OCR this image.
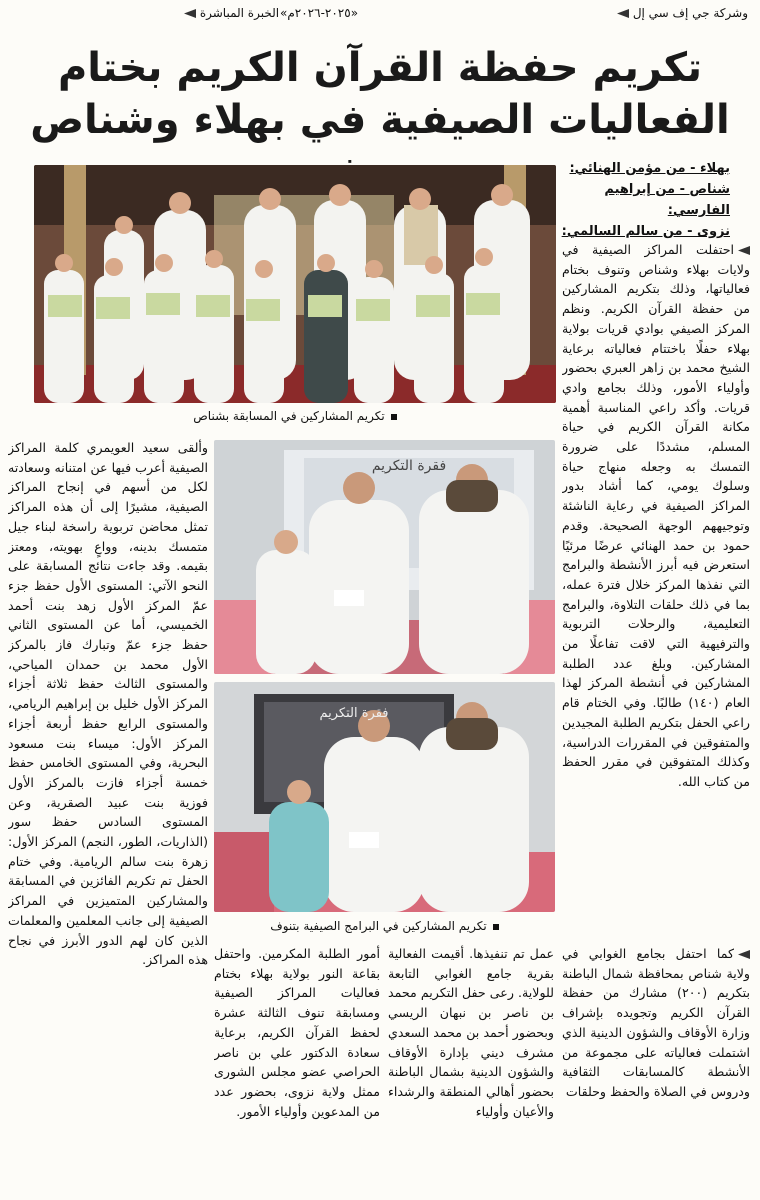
وشركة جي إف سي إل
«٢٠٢٥-٢٠٢٦م»
الخبرة المباشرة
تكريم حفظة القرآن الكريم بختام
الفعاليات الصيفية في بهلاء وشناص
بهلاء - من مؤمن الهنائي:
شناص - من إبراهيم الفارسي:
نزوى - من سالم السالمي:
تكريم المشاركين في المسابقة بشناص

احتفلت المراكز الصيفية في ولايات بهلاء وشناص وتنوف بختام فعالياتها، وذلك بتكريم المشاركين من حفظة القرآن الكريم. ونظم المركز الصيفي بوادي قريات بولاية بهلاء حفلًا باختتام فعالياته برعاية الشيخ محمد بن زاهر العبري بحضور وأولياء الأمور، وذلك بجامع وادي قريات. وأكد راعي المناسبة أهمية مكانة القرآن الكريم في حياة المسلم، مشددًا على ضرورة التمسك به وجعله منهاج حياة وسلوك يومي، كما أشاد بدور المراكز الصيفية في رعاية الناشئة وتوجيههم الوجهة الصحيحة. وقدم حمود بن حمد الهنائي عرضًا مرئيًا استعرض فيه أبرز الأنشطة والبرامج التي نفذها المركز خلال فترة عمله، بما في ذلك حلقات التلاوة، والبرامج التعليمية، والرحلات التربوية والترفيهية التي لاقت تفاعلًا من المشاركين. وبلغ عدد الطلبة المشاركين في أنشطة المركز لهذا العام (١٤٠) طالبًا. وفي الختام قام راعي الحفل بتكريم الطلبة المجيدين والمتفوقين في المقررات الدراسية، وكذلك المتفوقين في مقرر الحفظ من كتاب الله.

وألقى سعيد العويمري كلمة المراكز الصيفية أعرب فيها عن امتنانه وسعادته لكل من أسهم في إنجاح المراكز الصيفية، مشيرًا إلى أن هذه المراكز تمثل محاضن تربوية راسخة لبناء جيل متمسك بدينه، وواعٍ بهويته، ومعتز بقيمه. وقد جاءت نتائج المسابقة على النحو الآتي: المستوى الأول حفظ جزء عمّ المركز الأول زهد بنت أحمد الخميسي، أما عن المستوى الثاني حفظ جزء عمّ وتبارك فاز بالمركز الأول محمد بن حمدان المياحي، والمستوى الثالث حفظ ثلاثة أجزاء المركز الأول خليل بن إبراهيم الريامي، والمستوى الرابع حفظ أربعة أجزاء المركز الأول: ميساء بنت مسعود البحرية، وفي المستوى الخامس حفظ خمسة أجزاء فازت بالمركز الأول فوزية بنت عبيد الصقرية، وعن المستوى السادس حفظ سور (الذاريات، الطور، النجم) المركز الأول: زهرة بنت سالم الريامية. وفي ختام الحفل تم تكريم الفائزين في المسابقة والمشاركين المتميزين في المراكز الصيفية إلى جانب المعلمين والمعلمات الذين كان لهم الدور الأبرز في نجاح هذه المراكز.

فقرة التكريم
فقرة التكريم
تكريم المشاركين في البرامج الصيفية بتنوف

كما احتفل بجامع الغوابي في ولاية شناص بمحافظة شمال الباطنة بتكريم (٢٠٠) مشارك من حفظة القرآن الكريم وتجويده بإشراف وزارة الأوقاف والشؤون الدينية الذي اشتملت فعالياته على مجموعة من الأنشطة كالمسابقات الثقافية ودروس في الصلاة والحفظ وحلقات

عمل تم تنفيذها. أقيمت الفعالية بقرية جامع الغوابي التابعة للولاية. رعى حفل التكريم محمد بن ناصر بن نبهان الريسي وبحضور أحمد بن محمد السعدي مشرف ديني بإدارة الأوقاف والشؤون الدينية بشمال الباطنة بحضور أهالي المنطقة والرشداء والأعيان وأولياء

أمور الطلبة المكرمين. واحتفل بقاعة النور بولاية بهلاء بختام فعاليات المراكز الصيفية ومسابقة تنوف الثالثة عشرة لحفظ القرآن الكريم، برعاية سعادة الدكتور علي بن ناصر الحراصي عضو مجلس الشورى ممثل ولاية نزوى، بحضور عدد من المدعوين وأولياء الأمور.
